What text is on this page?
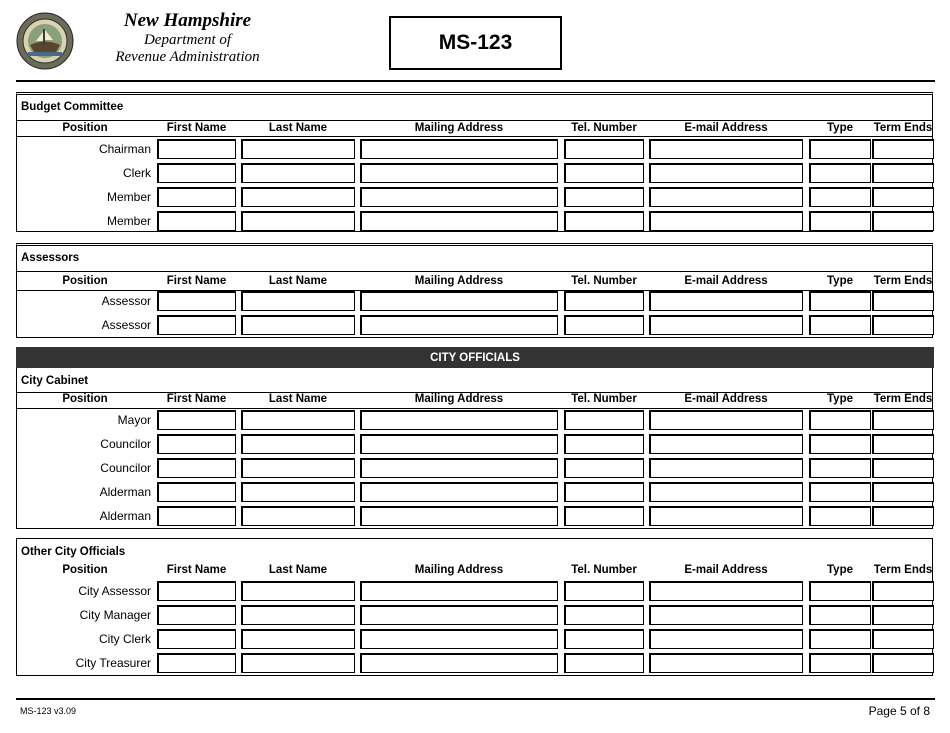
New Hampshire
Department of
Revenue Administration
MS-123
Budget Committee
Position	First Name	Last Name	Mailing Address	Tel. Number	E-mail Address	Type	Term Ends
Chairman
Clerk
Member
Member
Assessors
Position	First Name	Last Name	Mailing Address	Tel. Number	E-mail Address	Type	Term Ends
Assessor
Assessor
CITY OFFICIALS
City Cabinet
Position	First Name	Last Name	Mailing Address	Tel. Number	E-mail Address	Type	Term Ends
Mayor
Councilor
Councilor
Alderman
Alderman
Other City Officials
Position	First Name	Last Name	Mailing Address	Tel. Number	E-mail Address	Type	Term Ends
City Assessor
City Manager
City Clerk
City Treasurer
MS-123 v3.09	Page 5 of 8
